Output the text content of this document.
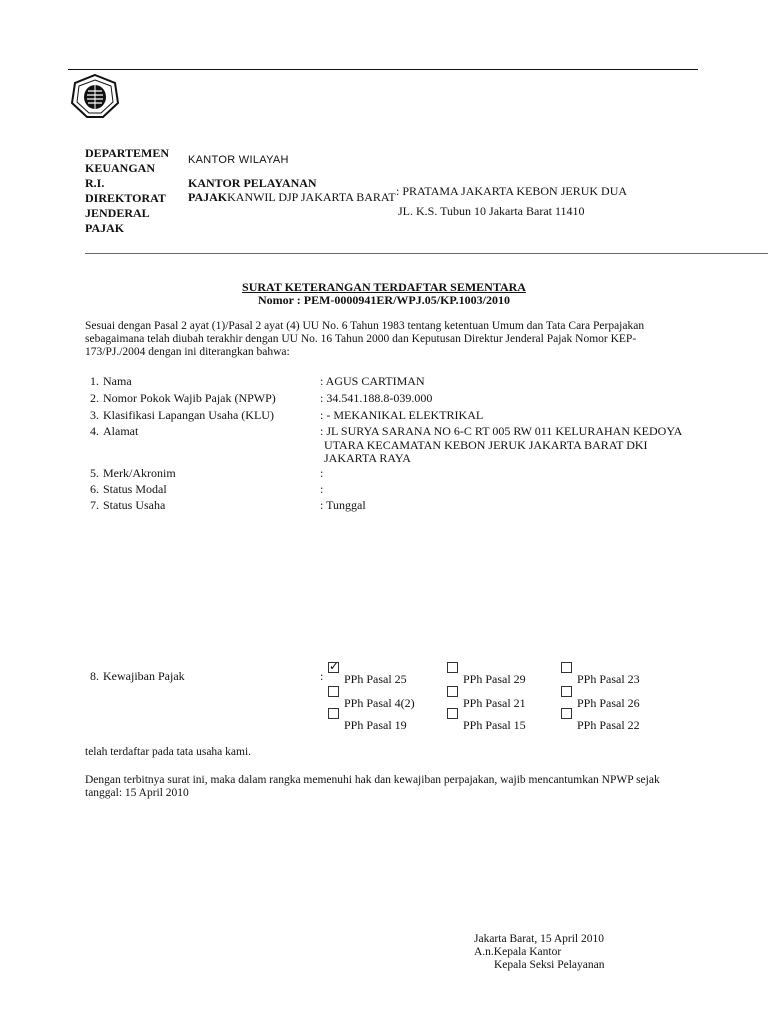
DEPARTEMEN
KEUANGAN
R.I.
DIREKTORAT
JENDERAL
PAJAK
KANTOR WILAYAH
KANTOR PELAYANAN
PAJAKKANWIL DJP JAKARTA BARAT : PRATAMA JAKARTA KEBON JERUK DUA
JL. K.S. Tubun 10 Jakarta Barat 11410
SURAT KETERANGAN TERDAFTAR SEMENTARA
Nomor : PEM-0000941ER/WPJ.05/KP.1003/2010
Sesuai dengan Pasal 2 ayat (1)/Pasal 2 ayat (4) UU No. 6 Tahun 1983 tentang ketentuan Umum dan Tata Cara Perpajakan
sebagaimana telah diubah terakhir dengan UU No. 16 Tahun 2000 dan Keputusan Direktur Jenderal Pajak Nomor KEP-
173/PJ./2004 dengan ini diterangkan bahwa:
1. Nama	: AGUS CARTIMAN
2. Nomor Pokok Wajib Pajak (NPWP)	: 34.541.188.8-039.000
3. Klasifikasi Lapangan Usaha (KLU)	: - MEKANIKAL ELEKTRIKAL
4. Alamat	: JL SURYA SARANA NO 6-C RT 005 RW 011 KELURAHAN KEDOYA
UTARA KECAMATAN KEBON JERUK JAKARTA BARAT DKI
JAKARTA RAYA
5. Merk/Akronim	:
6. Status Modal	:
7. Status Usaha	: Tunggal
8. Kewajiban Pajak	:
✓
PPh Pasal 25	PPh Pasal 29	PPh Pasal 23
PPh Pasal 4(2)	PPh Pasal 21	PPh Pasal 26
PPh Pasal 19	PPh Pasal 15	PPh Pasal 22
telah terdaftar pada tata usaha kami.
Dengan terbitnya surat ini, maka dalam rangka memenuhi hak dan kewajiban perpajakan, wajib mencantumkan NPWP sejak
tanggal: 15 April 2010
Jakarta Barat, 15 April 2010
A.n.Kepala Kantor
Kepala Seksi Pelayanan
